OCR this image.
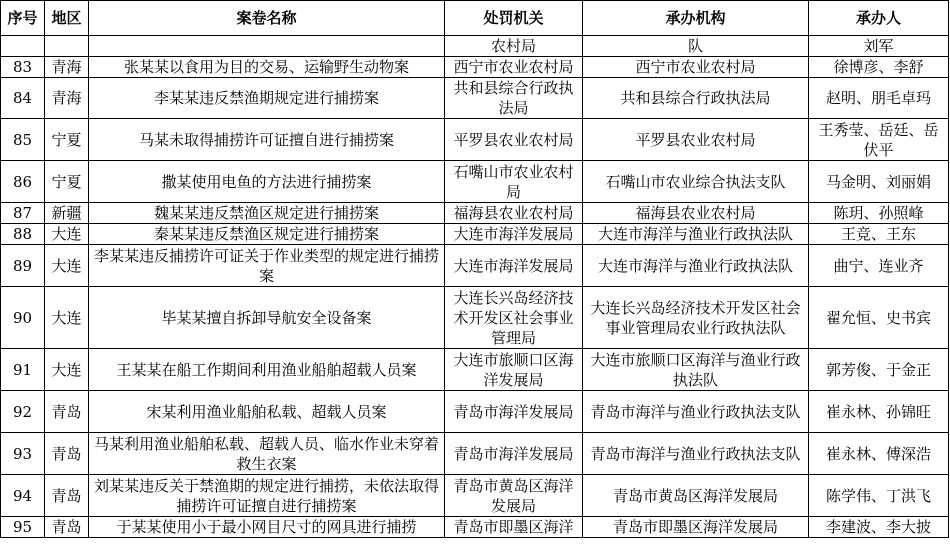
序号	地区	案卷名称	处罚机关	承办机构	承办人
			农村局	队	刘军
83	青海	张某某以食用为目的交易、运输野生动物案	西宁市农业农村局	西宁市农业农村局	徐博彦、李舒
84	青海	李某某违反禁渔期规定进行捕捞案	共和县综合行政执法局	共和县综合行政执法局	赵明、朋毛卓玛
85	宁夏	马某未取得捕捞许可证擅自进行捕捞案	平罗县农业农村局	平罗县农业农村局	王秀莹、岳廷、岳伏平
86	宁夏	撒某使用电鱼的方法进行捕捞案	石嘴山市农业农村局	石嘴山市农业综合执法支队	马金明、刘丽娟
87	新疆	魏某某违反禁渔区规定进行捕捞案	福海县农业农村局	福海县农业农村局	陈玥、孙照峰
88	大连	秦某某违反禁渔区规定进行捕捞案	大连市海洋发展局	大连市海洋与渔业行政执法队	王竞、王东
89	大连	李某某违反捕捞许可证关于作业类型的规定进行捕捞案	大连市海洋发展局	大连市海洋与渔业行政执法队	曲宁、连业齐
90	大连	毕某某擅自拆卸导航安全设备案	大连长兴岛经济技术开发区社会事业管理局	大连长兴岛经济技术开发区社会事业管理局农业行政执法队	翟允恒、史书宾
91	大连	王某某在船工作期间利用渔业船舶超载人员案	大连市旅顺口区海洋发展局	大连市旅顺口区海洋与渔业行政执法队	郭芳俊、于金正
92	青岛	宋某利用渔业船舶私载、超载人员案	青岛市海洋发展局	青岛市海洋与渔业行政执法支队	崔永林、孙锦旺
93	青岛	马某利用渔业船舶私载、超载人员、临水作业未穿着救生衣案	青岛市海洋发展局	青岛市海洋与渔业行政执法支队	崔永林、傅深浩
94	青岛	刘某某违反关于禁渔期的规定进行捕捞，未依法取得捕捞许可证擅自进行捕捞案	青岛市黄岛区海洋发展局	青岛市黄岛区海洋发展局	陈学伟、丁洪飞
95	青岛	于某某使用小于最小网目尺寸的网具进行捕捞	青岛市即墨区海洋	青岛市即墨区海洋发展局	李建波、李大披
